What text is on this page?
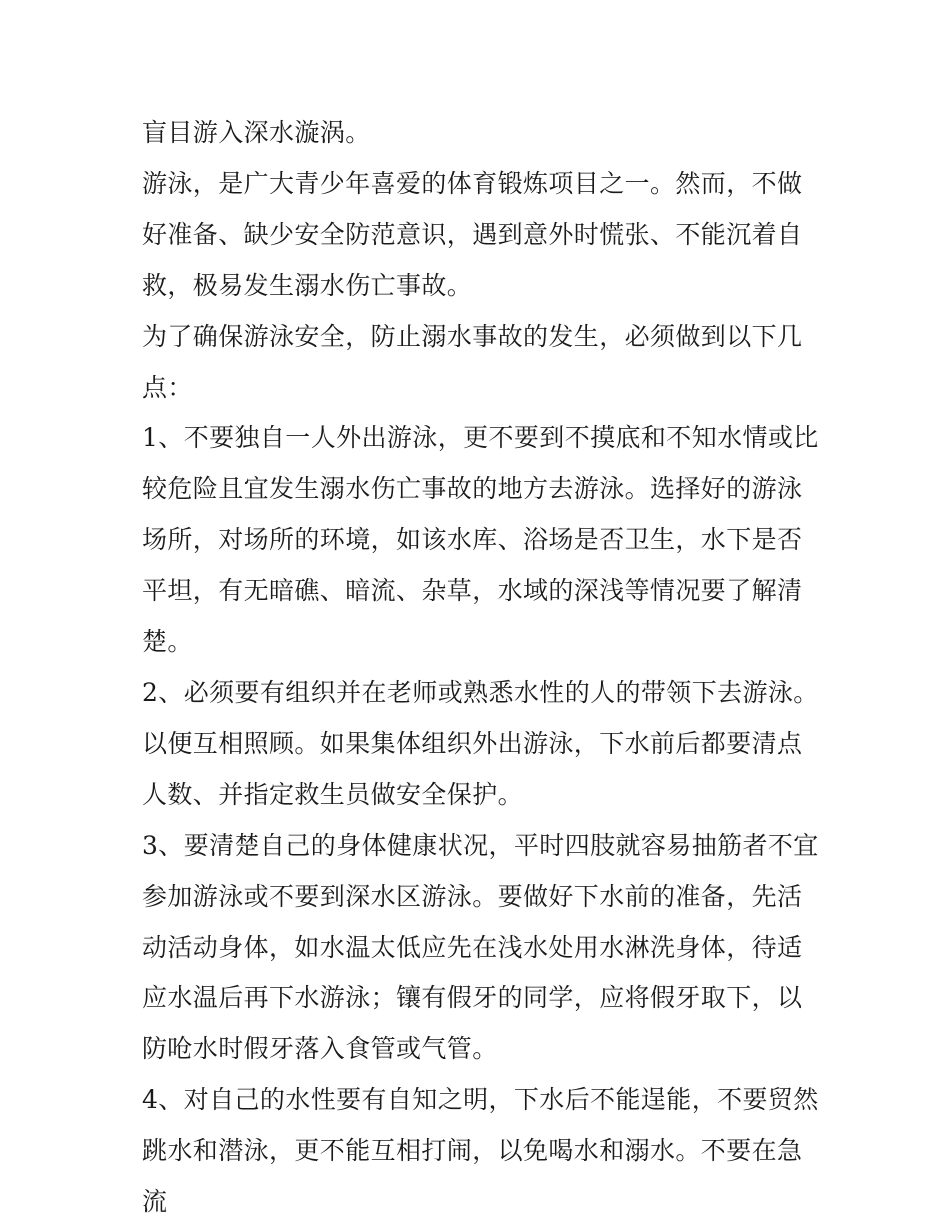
盲目游入深水漩涡。

游泳，是广大青少年喜爱的体育锻炼项目之一。然而，不做好准备、缺少安全防范意识，遇到意外时慌张、不能沉着自救，极易发生溺水伤亡事故。

为了确保游泳安全，防止溺水事故的发生，必须做到以下几点：

1、不要独自一人外出游泳，更不要到不摸底和不知水情或比较危险且宜发生溺水伤亡事故的地方去游泳。选择好的游泳场所，对场所的环境，如该水库、浴场是否卫生，水下是否平坦，有无暗礁、暗流、杂草，水域的深浅等情况要了解清楚。

2、必须要有组织并在老师或熟悉水性的人的带领下去游泳。以便互相照顾。如果集体组织外出游泳，下水前后都要清点人数、并指定救生员做安全保护。

3、要清楚自己的身体健康状况，平时四肢就容易抽筋者不宜参加游泳或不要到深水区游泳。要做好下水前的准备，先活动活动身体，如水温太低应先在浅水处用水淋洗身体，待适应水温后再下水游泳；镶有假牙的同学，应将假牙取下，以防呛水时假牙落入食管或气管。

4、对自己的水性要有自知之明，下水后不能逞能，不要贸然跳水和潜泳，更不能互相打闹，以免喝水和溺水。不要在急流
